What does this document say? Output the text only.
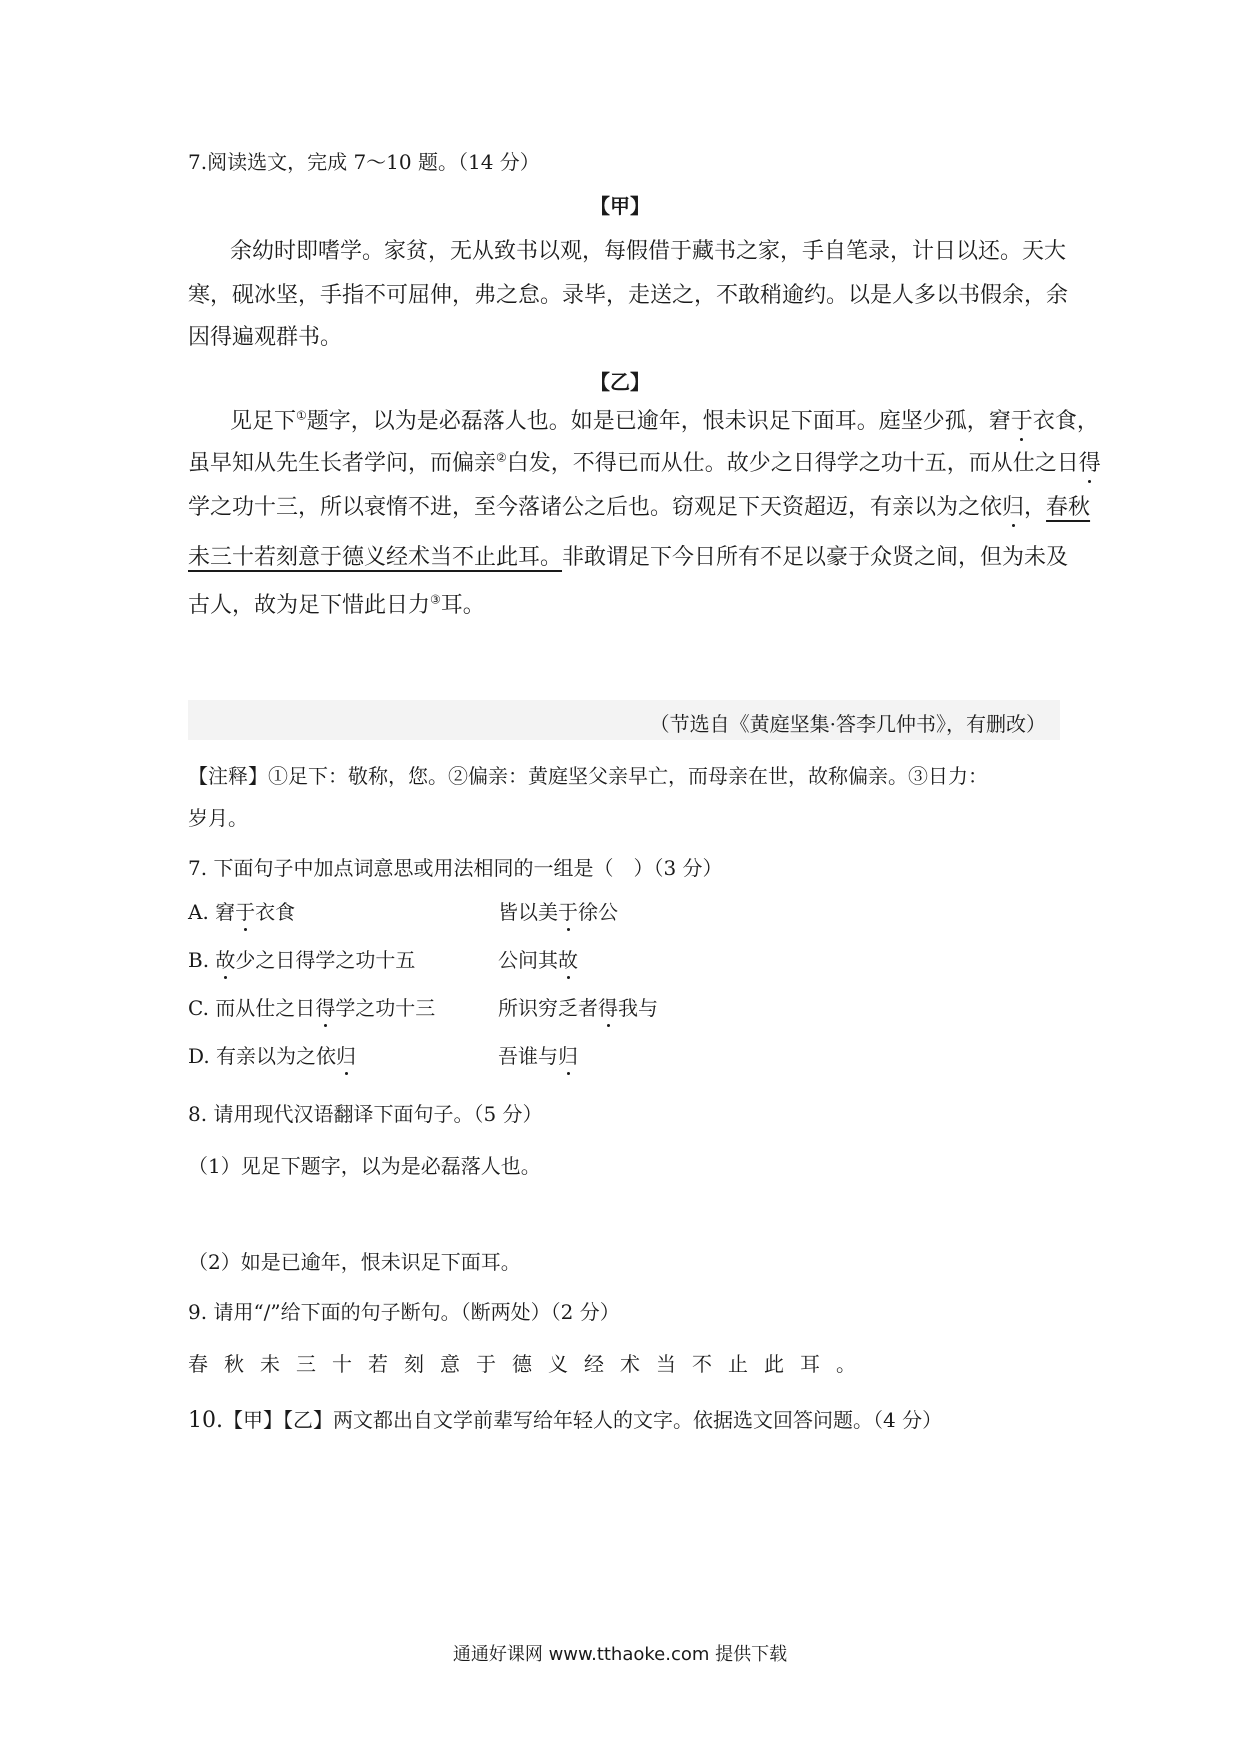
7.阅读选文，完成 7～10 题。（14 分）
【甲】
余幼时即嗜学。家贫，无从致书以观，每假借于藏书之家，手自笔录，计日以还。天大
寒，砚冰坚，手指不可屈伸，弗之怠。录毕，走送之，不敢稍逾约。以是人多以书假余，余
因得遍观群书。
【乙】
见足下①题字，以为是必磊落人也。如是已逾年，恨未识足下面耳。庭坚少孤，窘于衣食，
虽早知从先生长者学问，而偏亲②白发，不得已而从仕。故少之日得学之功十五，而从仕之日得
学之功十三，所以衰惰不进，至今落诸公之后也。窃观足下天资超迈，有亲以为之依归，春秋
未三十若刻意于德义经术当不止此耳。非敢谓足下今日所有不足以豪于众贤之间，但为未及
古人，故为足下惜此日力③耳。
（节选自《黄庭坚集·答李几仲书》，有删改）
【注释】①足下：敬称，您。②偏亲：黄庭坚父亲早亡，而母亲在世，故称偏亲。③日力：
岁月。
7. 下面句子中加点词意思或用法相同的一组是（　）（3 分）
A. 窘于衣食	皆以美于徐公
B. 故少之日得学之功十五	公问其故
C. 而从仕之日得学之功十三	所识穷乏者得我与
D. 有亲以为之依归	吾谁与归
8. 请用现代汉语翻译下面句子。（5 分）
（1）见足下题字，以为是必磊落人也。
（2）如是已逾年，恨未识足下面耳。
9. 请用“/”给下面的句子断句。（断两处）（2 分）
春秋未三十若刻意于德义经术当不止此耳。
10.【甲】【乙】两文都出自文学前辈写给年轻人的文字。依据选文回答问题。（4 分）
通通好课网 www.tthaoke.com 提供下载
